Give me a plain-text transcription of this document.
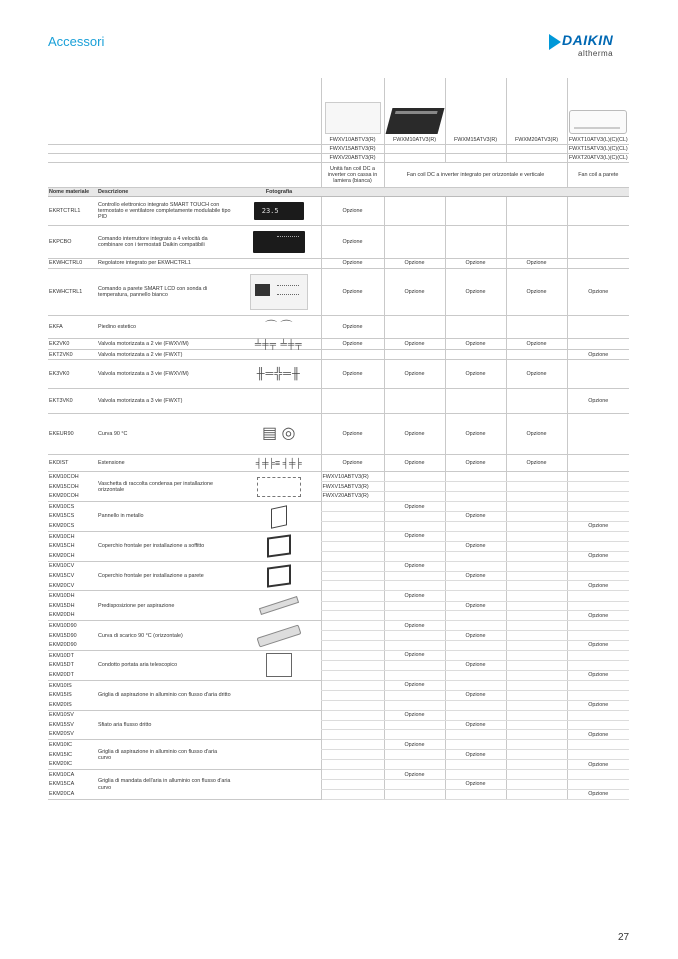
Accessori	DAIKIN
altherma

			FWXV10ABTV3(R)	FWXM10ATV3(R)	FWXM15ATV3(R)	FWXM20ATV3(R)	FWXT10ATV3(L)(C)(CL)
			FWXV15ABTV3(R)				FWXT15ATV3(L)(C)(CL)
			FWXV20ABTV3(R)				FWXT20ATV3(L)(C)(CL)
			Unità fan coil DC a inverter con cassa in lamiera (bianca)	Fan coil DC a inverter integrato per orizzontale e verticale			Fan coil a parete
Nome materiale	Descrizione	Fotografia					
EKRTCTRL1	Controllo elettronico integrato SMART TOUCH con termostato e ventilatore completamente modulabile tipo PID	23.5	Opzione				
EKPCBO	Comando interruttore integrato a 4 velocità da combinare con i termostati Daikin compatibili		Opzione				
EKWHCTRL0	Regolatore integrato per EKWHCTRL1		Opzione	Opzione	Opzione	Opzione	
EKWHCTRL1	Comando a parete SMART LCD con sonda di temperatura, pannello bianco		Opzione	Opzione	Opzione	Opzione	Opzione
EKFA	Piedino estetico	⌒ ⌒	Opzione				
EK2VK0	Valvola motorizzata a 2 vie (FWXV/M)	╧╪╤ ╧╪╤	Opzione	Opzione	Opzione	Opzione	
EKT2VK0	Valvola motorizzata a 2 vie (FWXT)						Opzione
EK3VK0	Valvola motorizzata a 3 vie (FWXV/M)	╫═╬═╫	Opzione	Opzione	Opzione	Opzione	
EKT3VK0	Valvola motorizzata a 3 vie (FWXT)						Opzione
EKEUR90	Curva 90 °C	▤ ◎	Opzione	Opzione	Opzione	Opzione	
EKDIST	Estensione	╡╪╞≡ ╡╪╞	Opzione	Opzione	Opzione	Opzione	
EKM10COH	Vaschetta di raccolta condensa per installazione orizzontale		FWXV10ABTV3(R)				
EKM15COH			FWXV15ABTV3(R)				
EKM20COH			FWXV20ABTV3(R)				
EKM10CS	Pannello in metallo			Opzione			
EKM15CS					Opzione		
EKM20CS							Opzione
EKM10CH	Coperchio frontale per installazione a soffitto			Opzione			
EKM15CH					Opzione		
EKM20CH							Opzione
EKM10CV	Coperchio frontale per installazione a parete			Opzione			
EKM15CV					Opzione		
EKM20CV							Opzione
EKM10DH	Predisposizione per aspirazione			Opzione			
EKM15DH					Opzione		
EKM20DH							Opzione
EKM10D90	Curva di scarico 90 °C (orizzontale)			Opzione			
EKM15D90					Opzione		
EKM20D90							Opzione
EKM10DT	Condotto portata aria telescopico			Opzione			
EKM15DT					Opzione		
EKM20DT							Opzione
EKM10IS	Griglia di aspirazione in alluminio con flusso d'aria dritto			Opzione			
EKM15IS					Opzione		
EKM20IS							Opzione
EKM10SV	Sfiato aria flusso dritto			Opzione			
EKM15SV					Opzione		
EKM20SV							Opzione
EKM10IC	Griglia di aspirazione in alluminio con flusso d'aria curvo			Opzione			
EKM15IC					Opzione		
EKM20IC							Opzione
EKM10CA	Griglia di mandata dell'aria in alluminio con flusso d'aria curvo			Opzione			
EKM15CA					Opzione		
EKM20CA							Opzione
27
